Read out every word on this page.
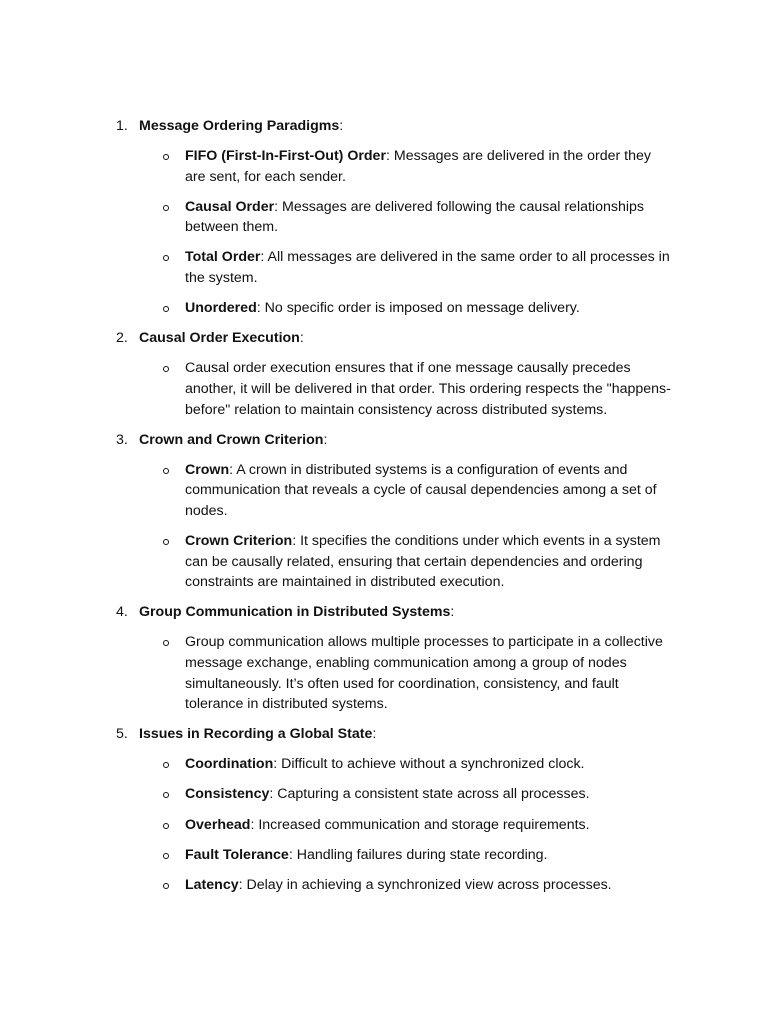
1. Message Ordering Paradigms:
FIFO (First-In-First-Out) Order: Messages are delivered in the order they are sent, for each sender.
Causal Order: Messages are delivered following the causal relationships between them.
Total Order: All messages are delivered in the same order to all processes in the system.
Unordered: No specific order is imposed on message delivery.
2. Causal Order Execution:
Causal order execution ensures that if one message causally precedes another, it will be delivered in that order. This ordering respects the "happens-before" relation to maintain consistency across distributed systems.
3. Crown and Crown Criterion:
Crown: A crown in distributed systems is a configuration of events and communication that reveals a cycle of causal dependencies among a set of nodes.
Crown Criterion: It specifies the conditions under which events in a system can be causally related, ensuring that certain dependencies and ordering constraints are maintained in distributed execution.
4. Group Communication in Distributed Systems:
Group communication allows multiple processes to participate in a collective message exchange, enabling communication among a group of nodes simultaneously. It’s often used for coordination, consistency, and fault tolerance in distributed systems.
5. Issues in Recording a Global State:
Coordination: Difficult to achieve without a synchronized clock.
Consistency: Capturing a consistent state across all processes.
Overhead: Increased communication and storage requirements.
Fault Tolerance: Handling failures during state recording.
Latency: Delay in achieving a synchronized view across processes.
